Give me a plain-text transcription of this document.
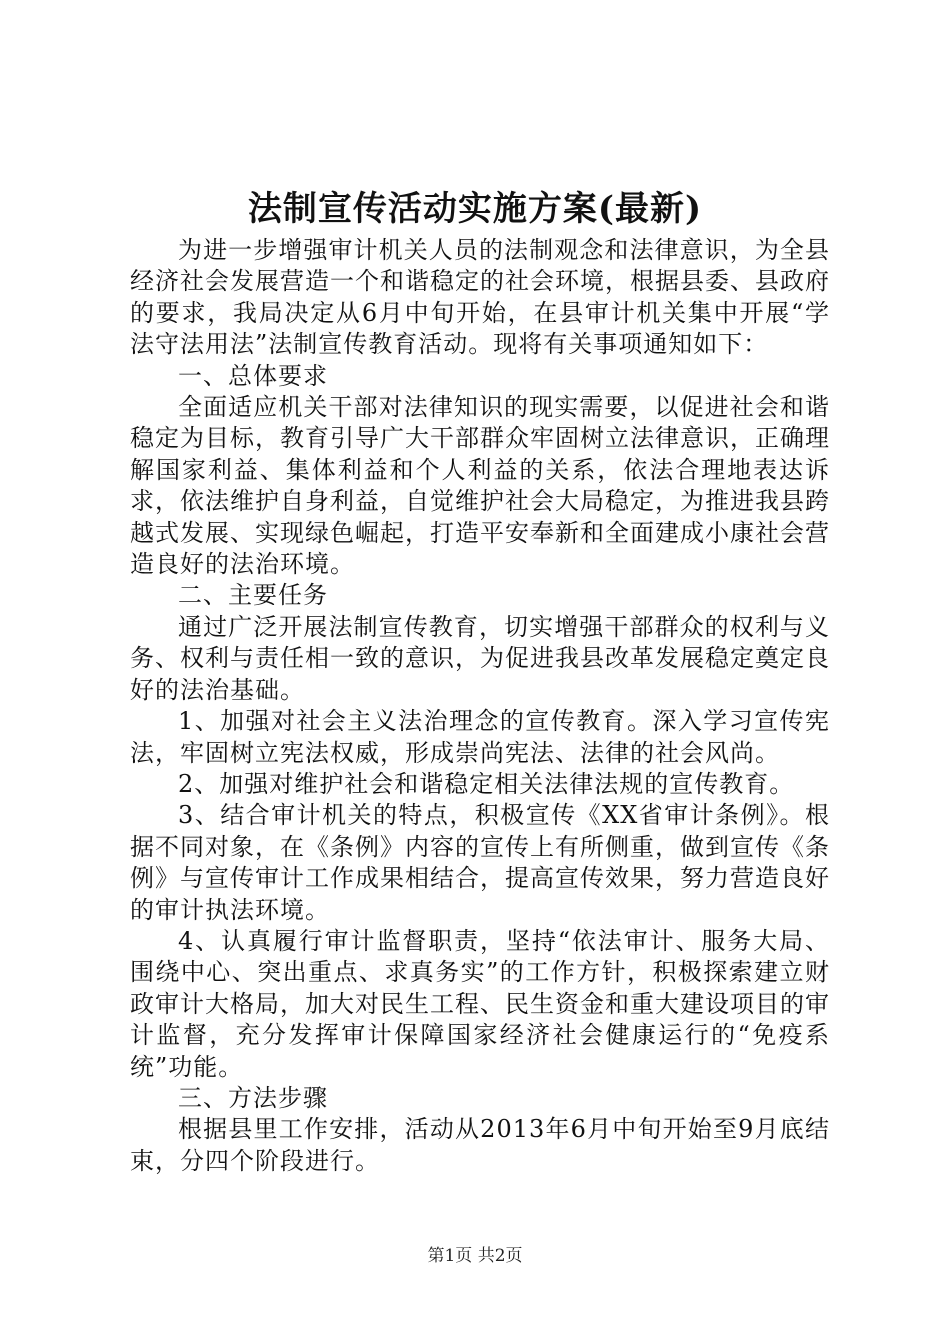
法制宣传活动实施方案(最新)

为进一步增强审计机关人员的法制观念和法律意识，为全县经济社会发展营造一个和谐稳定的社会环境，根据县委、县政府的要求，我局决定从6月中旬开始，在县审计机关集中开展“学法守法用法”法制宣传教育活动。现将有关事项通知如下：

一、总体要求

全面适应机关干部对法律知识的现实需要，以促进社会和谐稳定为目标，教育引导广大干部群众牢固树立法律意识，正确理解国家利益、集体利益和个人利益的关系，依法合理地表达诉求，依法维护自身利益，自觉维护社会大局稳定，为推进我县跨越式发展、实现绿色崛起，打造平安奉新和全面建成小康社会营造良好的法治环境。

二、主要任务

通过广泛开展法制宣传教育，切实增强干部群众的权利与义务、权利与责任相一致的意识，为促进我县改革发展稳定奠定良好的法治基础。

1、加强对社会主义法治理念的宣传教育。深入学习宣传宪法，牢固树立宪法权威，形成崇尚宪法、法律的社会风尚。

2、加强对维护社会和谐稳定相关法律法规的宣传教育。

3、结合审计机关的特点，积极宣传《XX省审计条例》。根据不同对象，在《条例》内容的宣传上有所侧重，做到宣传《条例》与宣传审计工作成果相结合，提高宣传效果，努力营造良好的审计执法环境。

4、认真履行审计监督职责，坚持“依法审计、服务大局、围绕中心、突出重点、求真务实”的工作方针，积极探索建立财政审计大格局，加大对民生工程、民生资金和重大建设项目的审计监督，充分发挥审计保障国家经济社会健康运行的“免疫系统”功能。

三、方法步骤

根据县里工作安排，活动从2013年6月中旬开始至9月底结束，分四个阶段进行。

第1页 共2页
